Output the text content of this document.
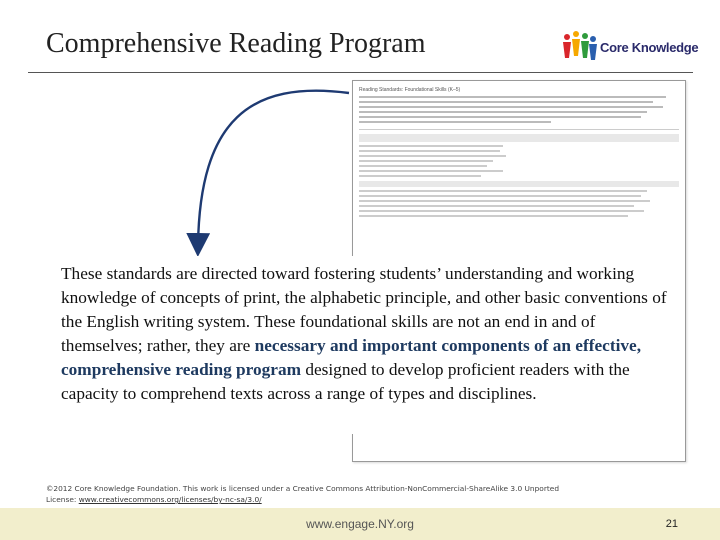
Comprehensive Reading Program	Core Knowledge
Reading Standards: Foundational Skills (K–5)
These standards are directed toward fostering students’ understanding and working knowledge of concepts of print, the alphabetic principle, and other basic conventions of the English writing system. These foundational skills are not an end in and of themselves; rather, they are necessary and important components of an effective, comprehensive reading program designed to develop proficient readers with the capacity to comprehend texts across a range of types and disciplines.
©2012 Core Knowledge Foundation. This work is licensed under a Creative Commons Attribution-NonCommercial-ShareAlike 3.0 Unported
License: www.creativecommons.org/licenses/by-nc-sa/3.0/
www.engage.NY.org	21
